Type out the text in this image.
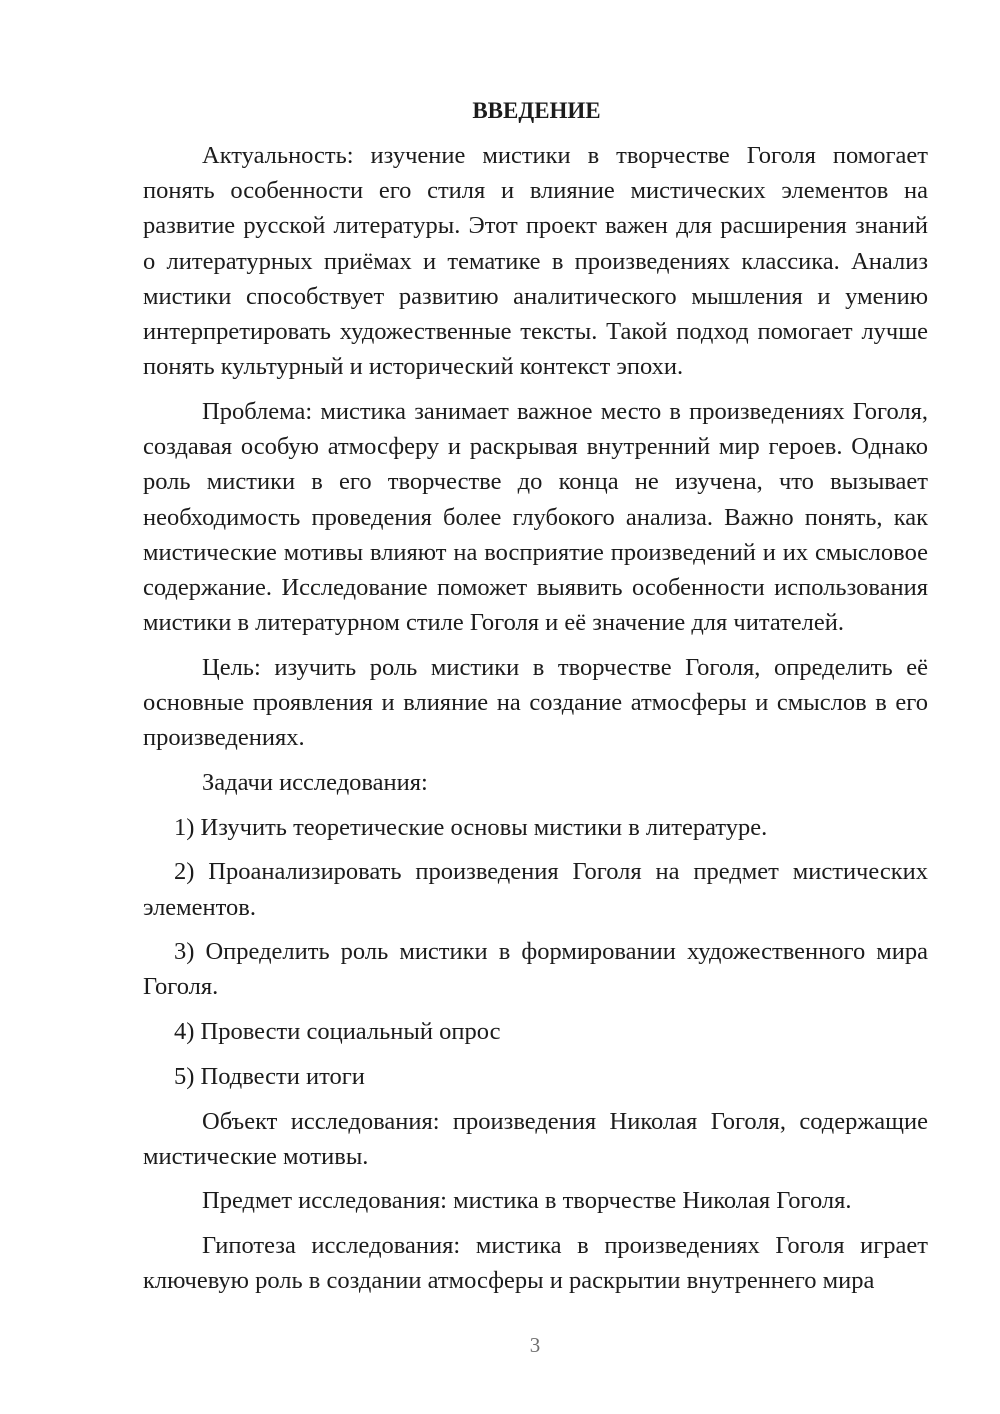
ВВЕДЕНИЕ

Актуальность: изучение мистики в творчестве Гоголя помогает понять особенности его стиля и влияние мистических элементов на развитие русской литературы. Этот проект важен для расширения знаний о литературных приёмах и тематике в произведениях классика. Анализ мистики способствует развитию аналитического мышления и умению интерпретировать художественные тексты. Такой подход помогает лучше понять культурный и исторический контекст эпохи.

Проблема: мистика занимает важное место в произведениях Гоголя, создавая особую атмосферу и раскрывая внутренний мир героев. Однако роль мистики в его творчестве до конца не изучена, что вызывает необходимость проведения более глубокого анализа. Важно понять, как мистические мотивы влияют на восприятие произведений и их смысловое содержание. Исследование поможет выявить особенности использования мистики в литературном стиле Гоголя и её значение для читателей.

Цель: изучить роль мистики в творчестве Гоголя, определить её основные проявления и влияние на создание атмосферы и смыслов в его произведениях.

Задачи исследования:

1) Изучить теоретические основы мистики в литературе.

2) Проанализировать произведения Гоголя на предмет мистических элементов.

3) Определить роль мистики в формировании художественного мира Гоголя.

4) Провести социальный опрос

5) Подвести итоги

Объект исследования: произведения Николая Гоголя, содержащие мистические мотивы.

Предмет исследования: мистика в творчестве Николая Гоголя.

Гипотеза исследования: мистика в произведениях Гоголя играет ключевую роль в создании атмосферы и раскрытии внутреннего мира

3
